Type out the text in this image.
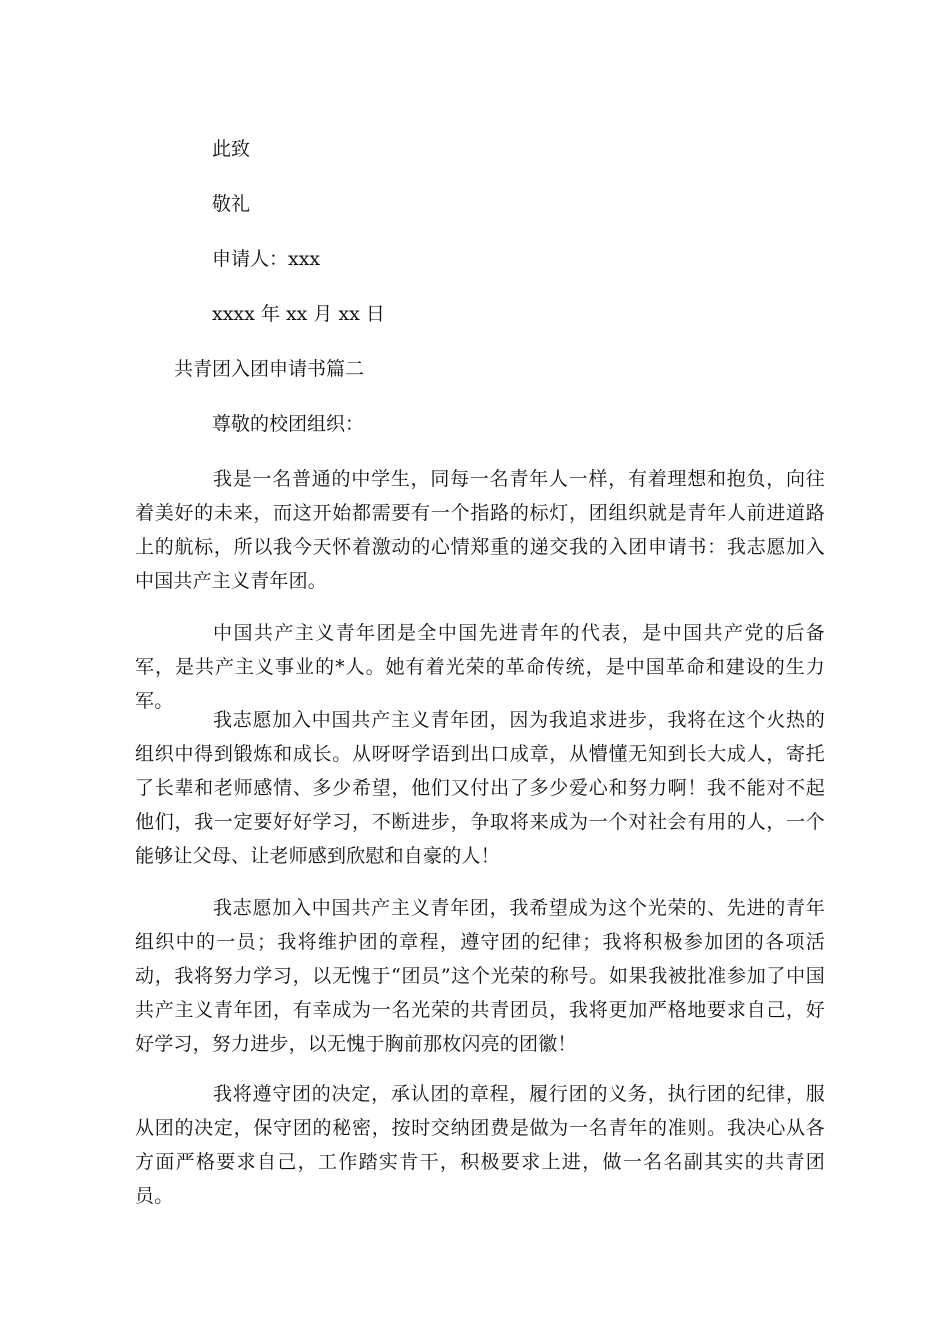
此致
敬礼
申请人：xxx
xxxx 年 xx 月 xx 日
共青团入团申请书篇二
尊敬的校团组织：
我是一名普通的中学生，同每一名青年人一样，有着理想和抱负，向往着美好的未来，而这开始都需要有一个指路的标灯，团组织就是青年人前进道路上的航标，所以我今天怀着激动的心情郑重的递交我的入团申请书：我志愿加入中国共产主义青年团。
中国共产主义青年团是全中国先进青年的代表，是中国共产党的后备军，是共产主义事业的*人。她有着光荣的革命传统，是中国革命和建设的生力军。
我志愿加入中国共产主义青年团，因为我追求进步，我将在这个火热的组织中得到锻炼和成长。从呀呀学语到出口成章，从懵懂无知到长大成人，寄托了长辈和老师感情、多少希望，他们又付出了多少爱心和努力啊！我不能对不起他们，我一定要好好学习，不断进步，争取将来成为一个对社会有用的人，一个能够让父母、让老师感到欣慰和自豪的人！
我志愿加入中国共产主义青年团，我希望成为这个光荣的、先进的青年组织中的一员；我将维护团的章程，遵守团的纪律；我将积极参加团的各项活动，我将努力学习，以无愧于“团员”这个光荣的称号。如果我被批准参加了中国共产主义青年团，有幸成为一名光荣的共青团员，我将更加严格地要求自己，好好学习，努力进步，以无愧于胸前那枚闪亮的团徽！
我将遵守团的决定，承认团的章程，履行团的义务，执行团的纪律，服从团的决定，保守团的秘密，按时交纳团费是做为一名青年的准则。我决心从各方面严格要求自己，工作踏实肯干，积极要求上进，做一名名副其实的共青团员。
